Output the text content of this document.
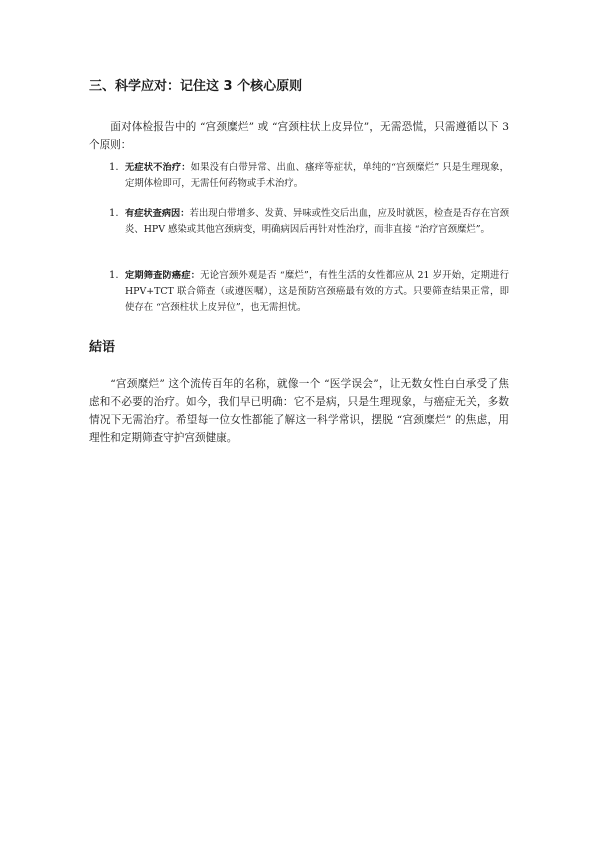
三、科学应对：记住这 3 个核心原则

面对体检报告中的 “宫颈糜烂” 或 “宫颈柱状上皮异位”，无需恐慌，只需遵循以下 3 个原则：

1. 无症状不治疗：如果没有白带异常、出血、瘙痒等症状，单纯的“宫颈糜烂” 只是生理现象，定期体检即可，无需任何药物或手术治疗。
1. 有症状查病因：若出现白带增多、发黄、异味或性交后出血，应及时就医，检查是否存在宫颈炎、HPV 感染或其他宫颈病变，明确病因后再针对性治疗，而非直接 “治疗宫颈糜烂”。
1. 定期筛查防癌症：无论宫颈外观是否 “糜烂”，有性生活的女性都应从 21 岁开始，定期进行 HPV+TCT 联合筛查（或遵医嘱），这是预防宫颈癌最有效的方式。只要筛查结果正常，即使存在 “宫颈柱状上皮异位”，也无需担忧。
結语

“宫颈糜烂” 这个流传百年的名称，就像一个 “医学误会”，让无数女性白白承受了焦虑和不必要的治疗。如今，我们早已明确：它不是病，只是生理现象，与癌症无关，多数情况下无需治疗。希望每一位女性都能了解这一科学常识，摆脱 “宫颈糜烂” 的焦虑，用理性和定期筛查守护宫颈健康。
